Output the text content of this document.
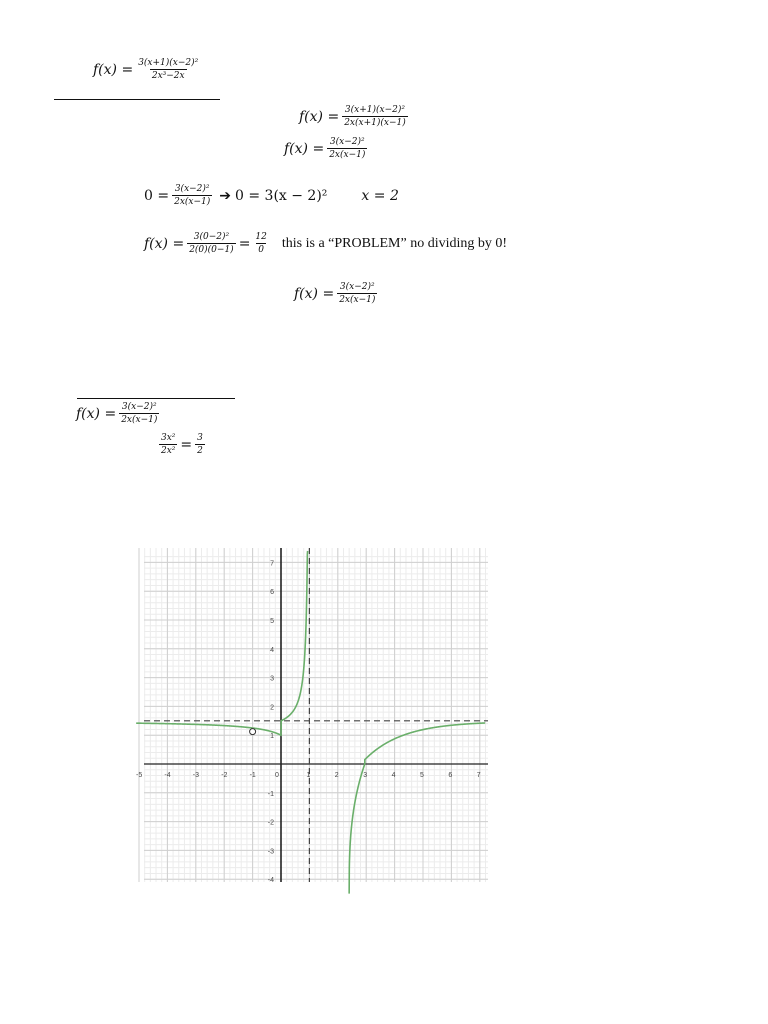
$f(x) = \frac{\text{3(x+1)(x−2)²}}{\text{2x³−2x}}$
$f(x) = \frac{\text{3(x+1)(x−2)²}}{2x(x+1)(x-1)}$
$f(x) = \frac{\text{3(x−2)²}}{2x(x-1)}$
$0 = \frac{\text{3(x−2)²}}{2x(x-1)}$ ➔ 0 = 3(x − 2)² x = 2
$f(x) = \frac{\text{3(0−2)²}}{2(0)(0-1)} = \frac{12}{0}$ this is a “PROBLEM” no dividing by 0!
$f(x) = \frac{\text{3(x−2)²}}{2x(x-1)}$
$f(x) = \frac{\text{3(x−2)²}}{2x(x-1)}$
$\frac{\text{3x²}}{\text{2x²}} = \frac{3}{2}$
-5	-4	-3	-2	-1	0	1	2	3	4	5	6	7
7
6
5
4
3
2
1
-1
-2
-3
-4
